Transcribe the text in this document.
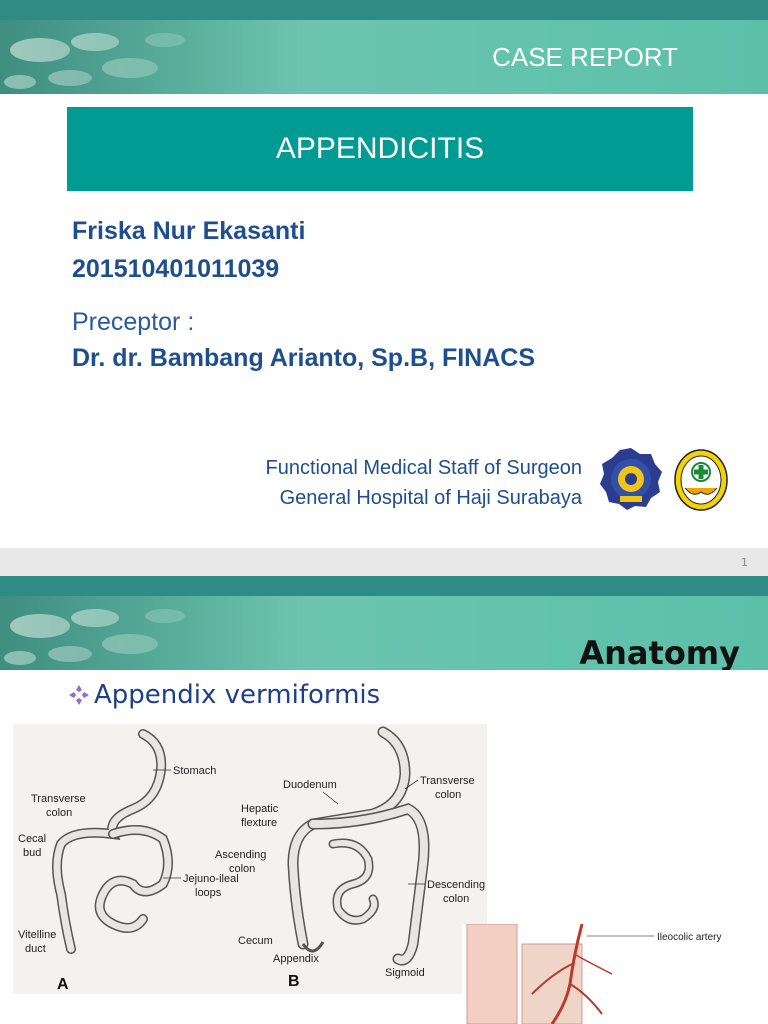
CASE REPORT
APPENDICITIS
Friska Nur Ekasanti
201510401011039
Preceptor :
Dr. dr. Bambang Arianto, Sp.B, FINACS
Functional Medical Staff of Surgeon
General Hospital of Haji Surabaya
1
Anatomy
Appendix vermiformis
Stomach
Transverse
colon
Cecal
bud
Jejuno-ileal
loops
Vitelline
duct
A
Duodenum	Transverse
colon
Hepatic
flexture
Ascending
colon
Descending
colon
Cecum
Appendix
Sigmoid
B
Ileocolic artery
